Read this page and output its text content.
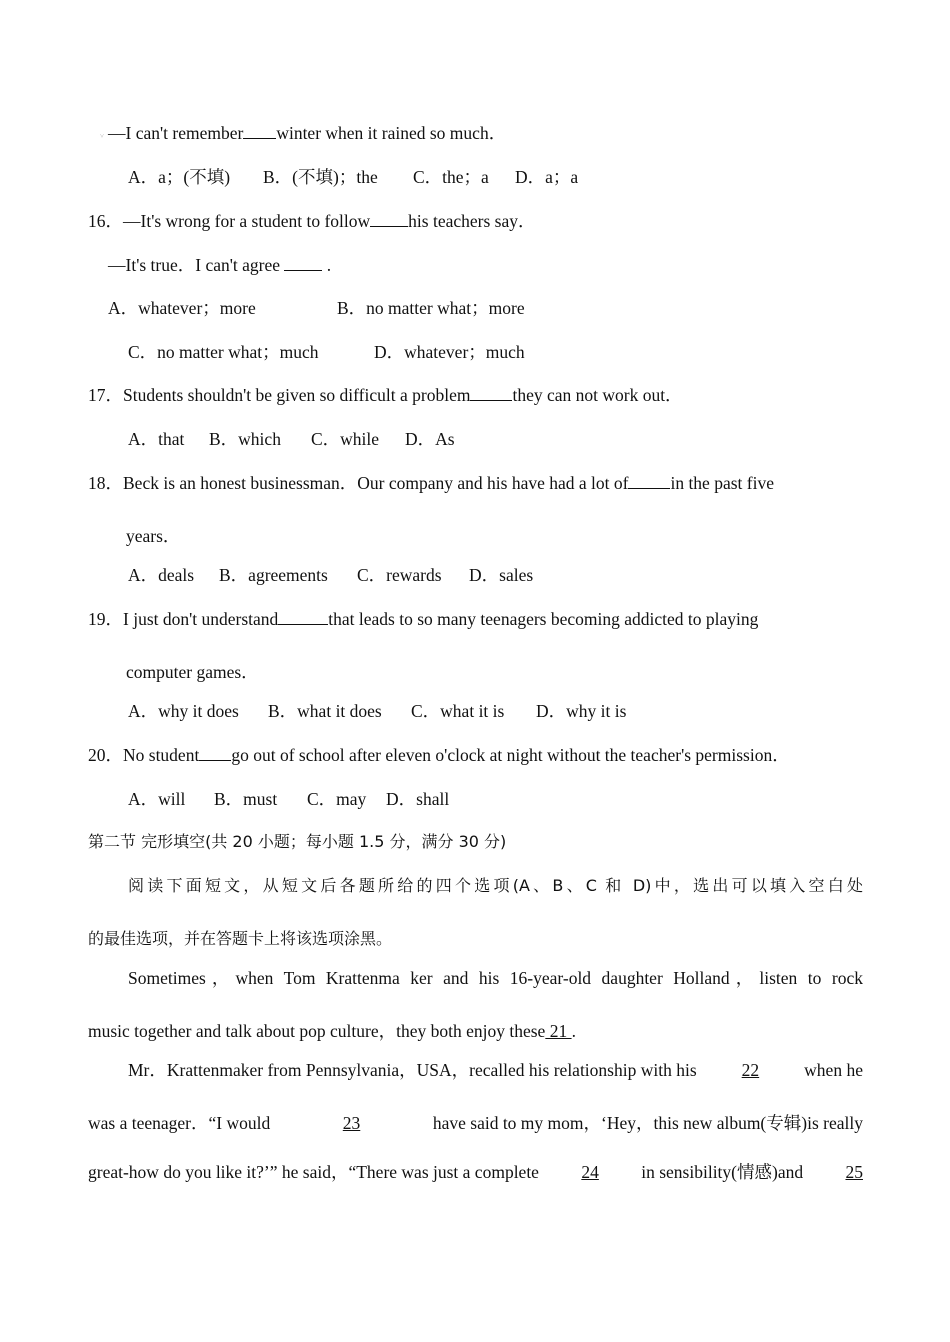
˅ —I can't remember winter when it rained so much．
A．a；(不填) B．(不填)；the C．the；a D．a；a
16．—It's wrong for a student to follow his teachers say．
—It's true．I can't agree	.
A．whatever；more	B．no matter what；more
C．no matter what；much	D．whatever；much
17．Students shouldn't be given so difficult a problem they can not work out．
A．that B．which C．while D．As
18．Beck is an honest businessman．Our company and his have had a lot of in the past five
years．
A．deals B．agreements C．rewards D．sales
19．I just don't understand	that leads to so many teenagers becoming addicted to playing
computer games．
A．why it does B．what it does C．what it is D．why it is
20．No student go out of school after eleven o'clock at night without the teacher's permission．
A．will B．must C．may D．shall
第二节 完形填空(共 20 小题；每小题 1.5 分，满分 30 分)
阅读下面短文，从短文后各题所给的四个选项(A、B、C 和 D)中，选出可以填入空白处
的最佳选项，并在答题卡上将该选项涂黑。
Sometimes，when Tom Krattenma ker and his 16-year-old daughter Holland，listen to rock
music together and talk about pop culture，they both enjoy these 21 .
Mr．Krattenmaker from Pennsylvania，USA，recalled his relationship with his	22	when he
was a teenager．“I would	23	have said to my mom，‘Hey，this new album(专辑)is really
great-how do you like it?’” he said，“There was just a complete 24 in sensibility(情感)and 25
